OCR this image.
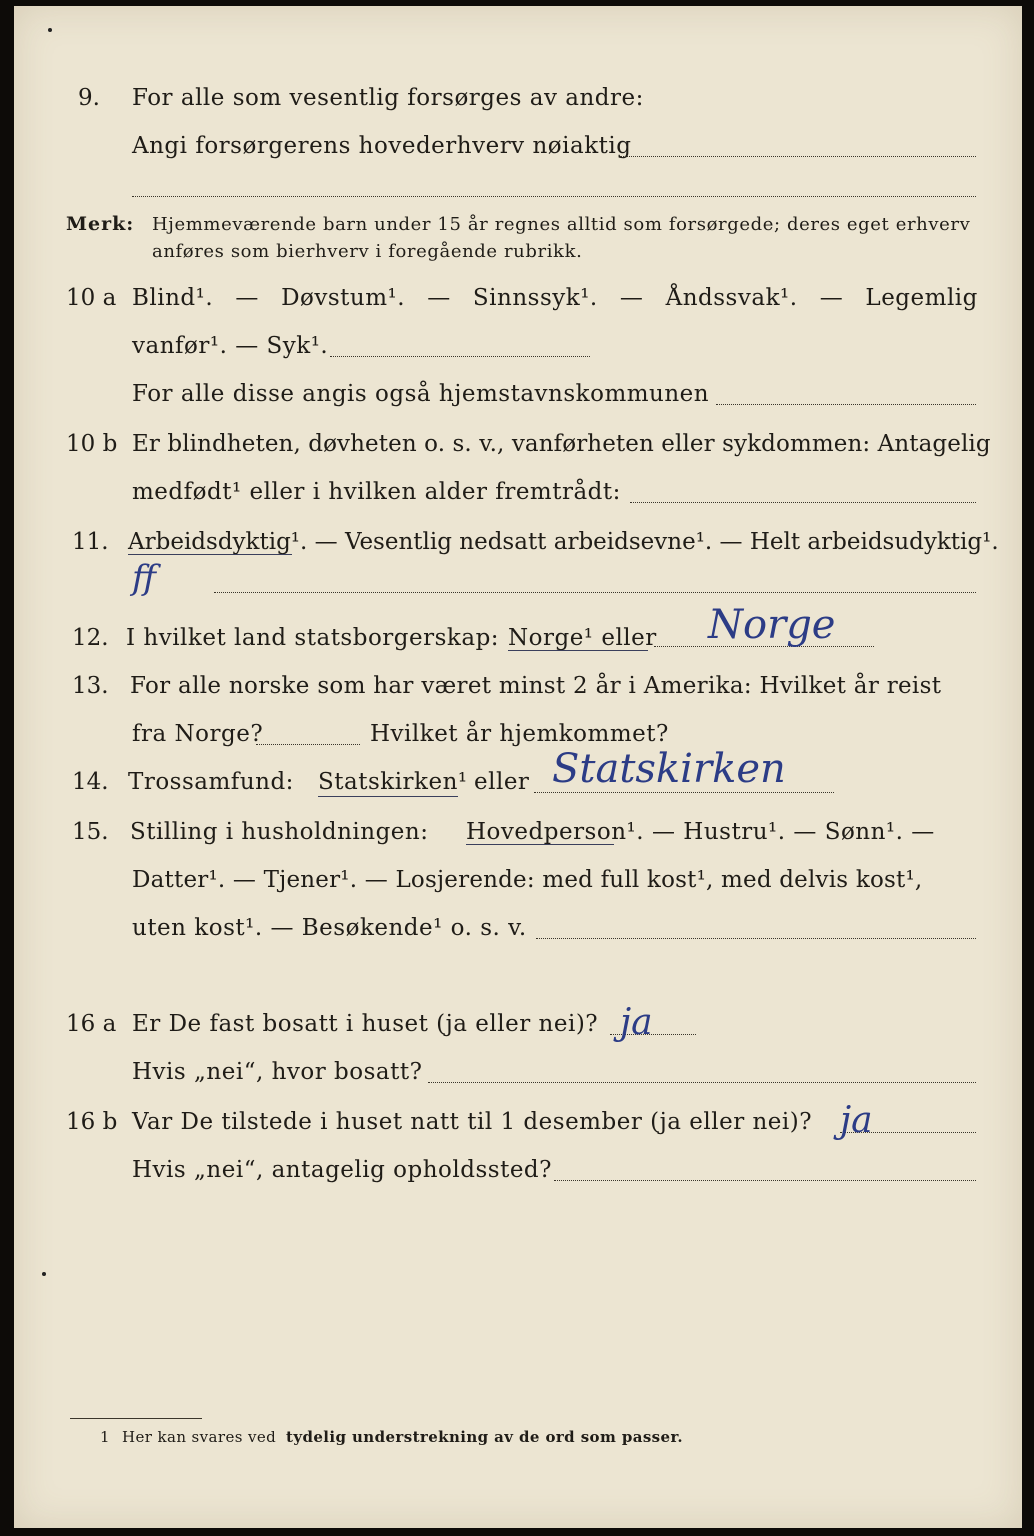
9. For alle som vesentlig forsørges av andre:
Angi forsørgerens hovederhverv nøiaktig
Merk: Hjemmeværende barn under 15 år regnes alltid som forsørgede; deres eget erhverv
anføres som bierhverv i foregående rubrikk.
10 a Blind¹. — Døvstum¹. — Sinnssyk¹. — Åndssvak¹. — Legemlig
vanfør¹. — Syk¹.
For alle disse angis også hjemstavnskommunen
10 b Er blindheten, døvheten o. s. v., vanførheten eller sykdommen: Antagelig
medfødt¹ eller i hvilken alder fremtrådt:
11. Arbeidsdyktig¹. — Vesentlig nedsatt arbeidsevne¹. — Helt arbeidsudyktig¹.
ff
12. I hvilket land statsborgerskap: Norge¹ eller Norge
13. For alle norske som har været minst 2 år i Amerika: Hvilket år reist
fra Norge?	Hvilket år hjemkommet?
14. Trossamfund: Statskirken¹ eller Statskirken
15. Stilling i husholdningen: Hovedperson¹. — Hustru¹. — Sønn¹. —
Datter¹. — Tjener¹. — Losjerende: med full kost¹, med delvis kost¹,
uten kost¹. — Besøkende¹ o. s. v.
16 a Er De fast bosatt i huset (ja eller nei)? ja
Hvis „nei“, hvor bosatt?
16 b Var De tilstede i huset natt til 1 desember (ja eller nei)? ja
Hvis „nei“, antagelig opholdssted?
1 Her kan svares ved tydelig understrekning av de ord som passer.
